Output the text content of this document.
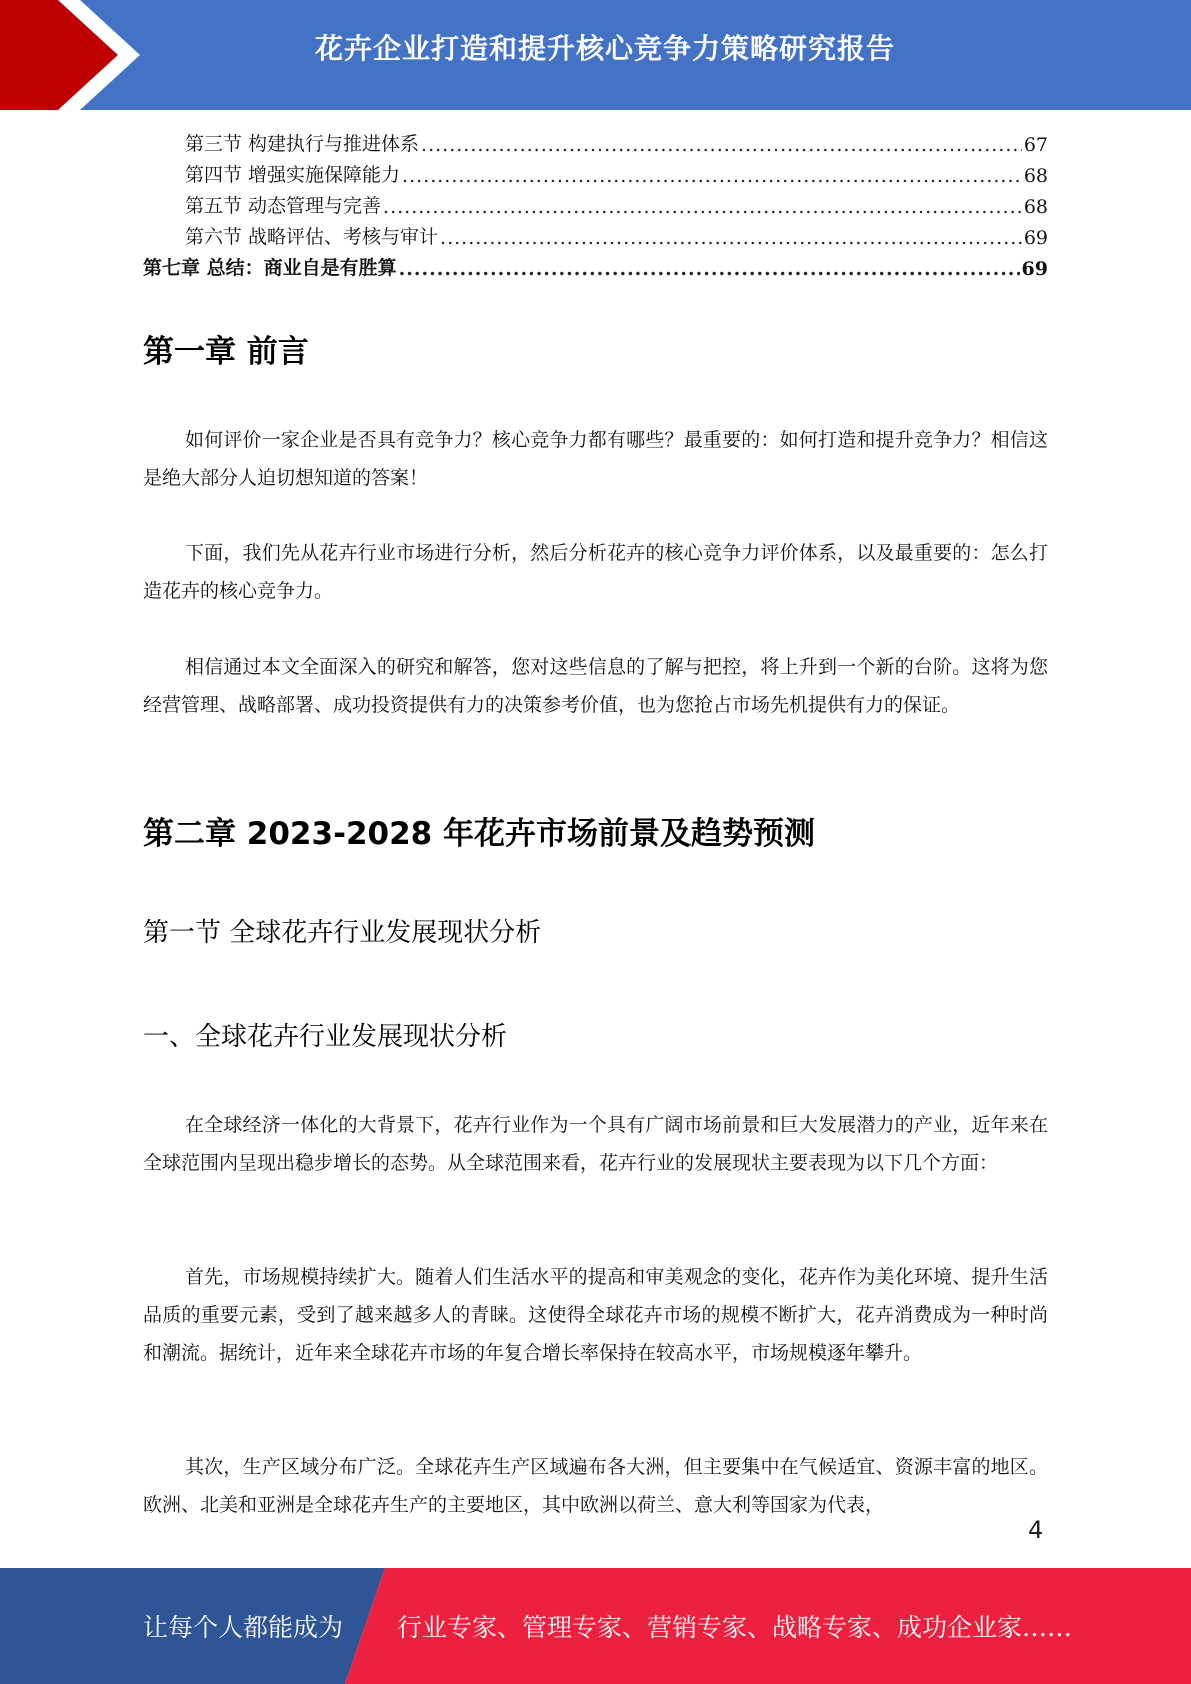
花卉企业打造和提升核心竞争力策略研究报告
第三节 构建执行与推进体系 .....	67
第四节 增强实施保障能力 .....	68
第五节 动态管理与完善 .....	68
第六节 战略评估、考核与审计 .....	69
第七章 总结：商业自是有胜算 .....	69
第一章 前言
如何评价一家企业是否具有竞争力？核心竞争力都有哪些？最重要的：如何打造和提升竞争力？相信这是绝大部分人迫切想知道的答案！
下面，我们先从花卉行业市场进行分析，然后分析花卉的核心竞争力评价体系，以及最重要的：怎么打造花卉的核心竞争力。
相信通过本文全面深入的研究和解答，您对这些信息的了解与把控，将上升到一个新的台阶。这将为您经营管理、战略部署、成功投资提供有力的决策参考价值，也为您抢占市场先机提供有力的保证。
第二章 2023-2028 年花卉市场前景及趋势预测
第一节 全球花卉行业发展现状分析
一、全球花卉行业发展现状分析
在全球经济一体化的大背景下，花卉行业作为一个具有广阔市场前景和巨大发展潜力的产业，近年来在全球范围内呈现出稳步增长的态势。从全球范围来看，花卉行业的发展现状主要表现为以下几个方面：
首先，市场规模持续扩大。随着人们生活水平的提高和审美观念的变化，花卉作为美化环境、提升生活品质的重要元素，受到了越来越多人的青睐。这使得全球花卉市场的规模不断扩大，花卉消费成为一种时尚和潮流。据统计，近年来全球花卉市场的年复合增长率保持在较高水平，市场规模逐年攀升。
其次，生产区域分布广泛。全球花卉生产区域遍布各大洲，但主要集中在气候适宜、资源丰富的地区。欧洲、北美和亚洲是全球花卉生产的主要地区，其中欧洲以荷兰、意大利等国家为代表，
4
让每个人都能成为 行业专家、管理专家、营销专家、战略专家、成功企业家……
